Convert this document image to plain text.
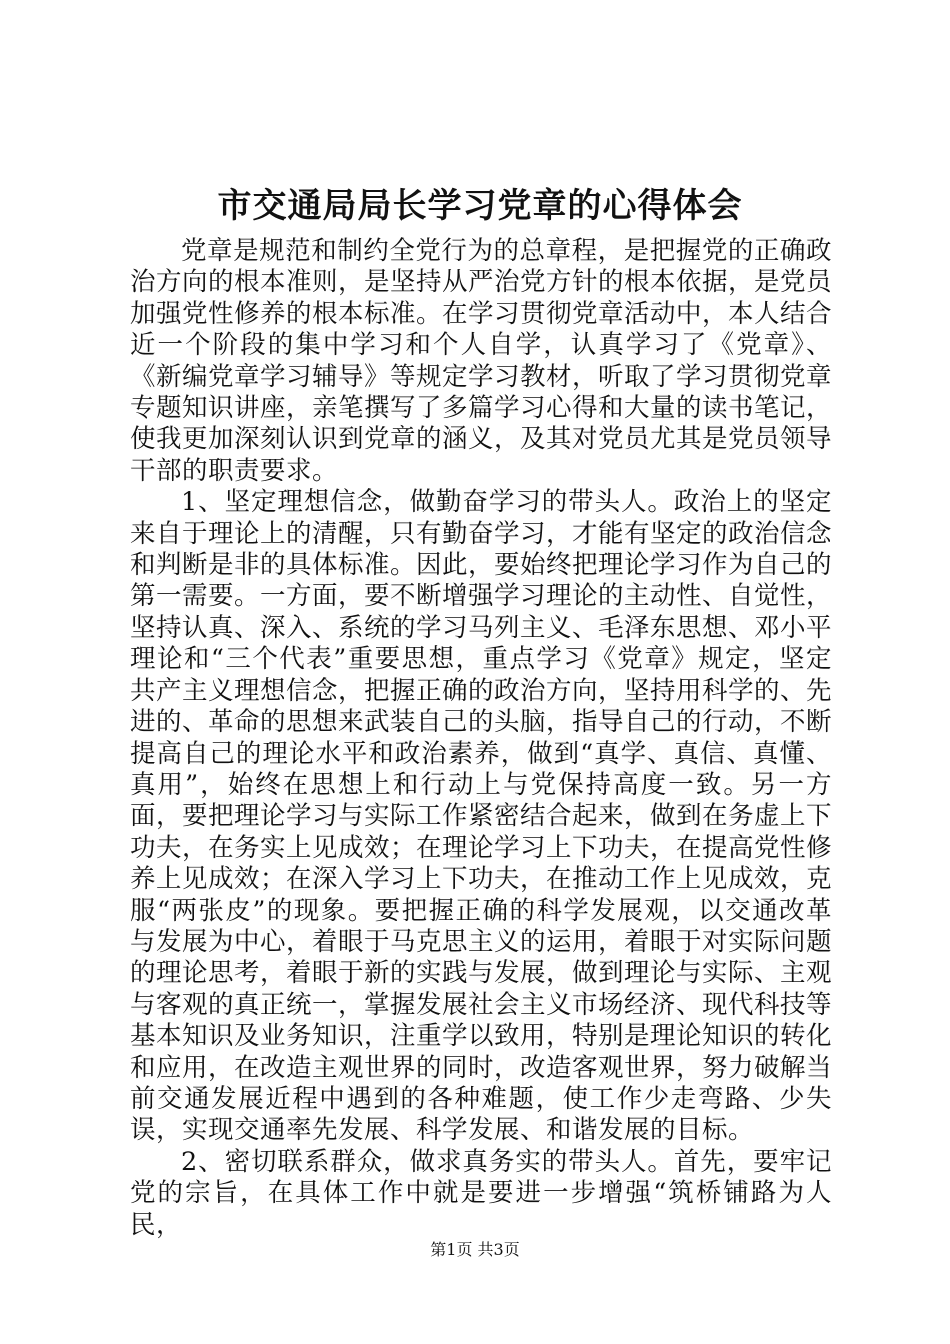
市交通局局长学习党章的心得体会

党章是规范和制约全党行为的总章程，是把握党的正确政治方向的根本准则，是坚持从严治党方针的根本依据，是党员加强党性修养的根本标准。在学习贯彻党章活动中，本人结合近一个阶段的集中学习和个人自学，认真学习了《党章》、《新编党章学习辅导》等规定学习教材，听取了学习贯彻党章专题知识讲座，亲笔撰写了多篇学习心得和大量的读书笔记，使我更加深刻认识到党章的涵义，及其对党员尤其是党员领导干部的职责要求。

1、坚定理想信念，做勤奋学习的带头人。政治上的坚定来自于理论上的清醒，只有勤奋学习，才能有坚定的政治信念和判断是非的具体标准。因此，要始终把理论学习作为自己的第一需要。一方面，要不断增强学习理论的主动性、自觉性，坚持认真、深入、系统的学习马列主义、毛泽东思想、邓小平理论和“三个代表”重要思想，重点学习《党章》规定，坚定共产主义理想信念，把握正确的政治方向，坚持用科学的、先进的、革命的思想来武装自己的头脑，指导自己的行动，不断提高自己的理论水平和政治素养，做到“真学、真信、真懂、真用”，始终在思想上和行动上与党保持高度一致。另一方面，要把理论学习与实际工作紧密结合起来，做到在务虚上下功夫，在务实上见成效；在理论学习上下功夫，在提高党性修养上见成效；在深入学习上下功夫，在推动工作上见成效，克服“两张皮”的现象。要把握正确的科学发展观，以交通改革与发展为中心，着眼于马克思主义的运用，着眼于对实际问题的理论思考，着眼于新的实践与发展，做到理论与实际、主观与客观的真正统一，掌握发展社会主义市场经济、现代科技等基本知识及业务知识，注重学以致用，特别是理论知识的转化和应用，在改造主观世界的同时，改造客观世界，努力破解当前交通发展近程中遇到的各种难题，使工作少走弯路、少失误，实现交通率先发展、科学发展、和谐发展的目标。

2、密切联系群众，做求真务实的带头人。首先，要牢记党的宗旨，在具体工作中就是要进一步增强“筑桥铺路为人民，

第1页 共3页
